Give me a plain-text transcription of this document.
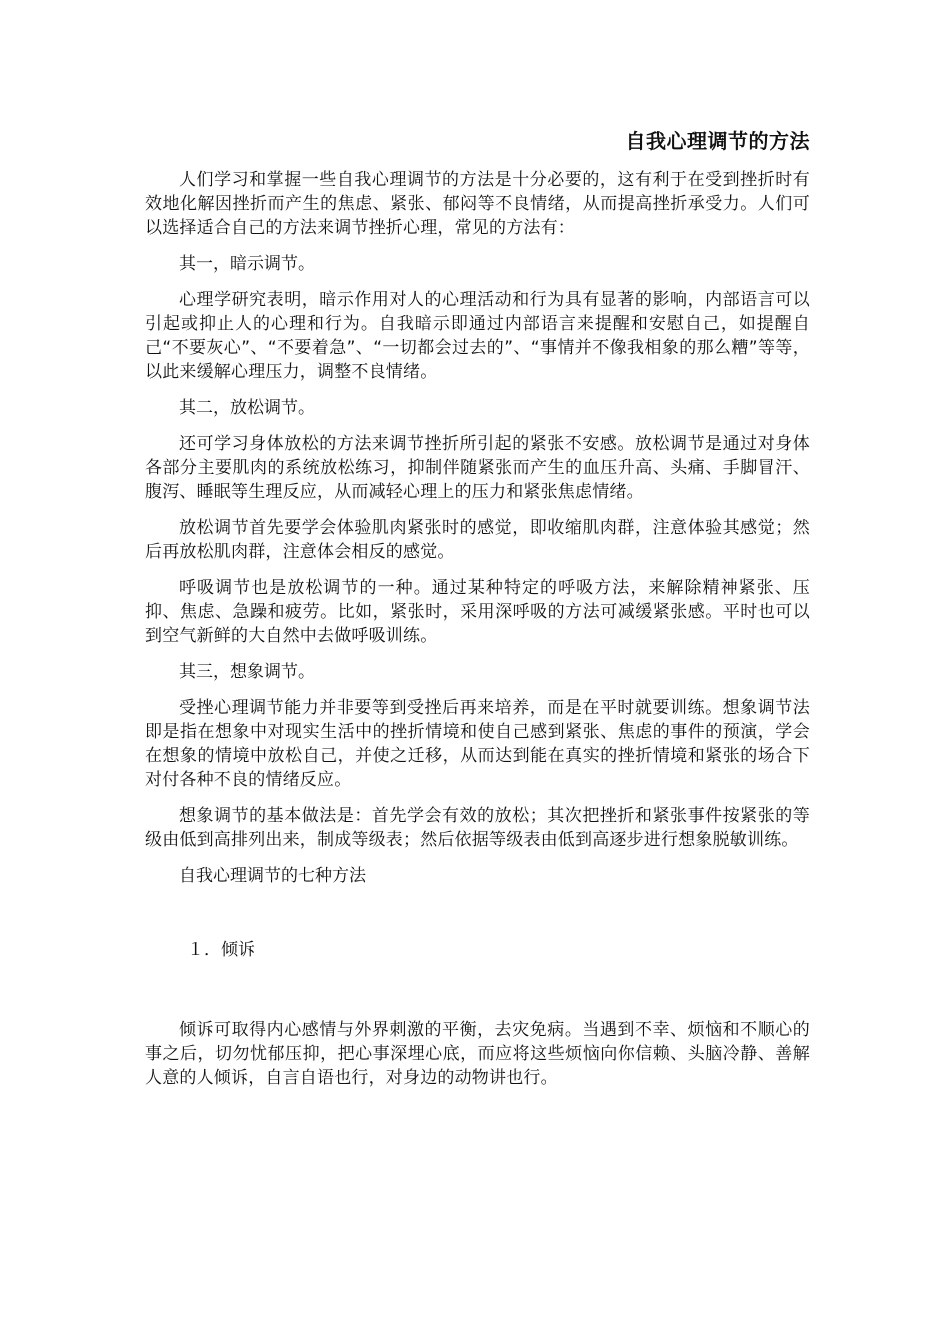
自我心理调节的方法

人们学习和掌握一些自我心理调节的方法是十分必要的，这有利于在受到挫折时有效地化解因挫折而产生的焦虑、紧张、郁闷等不良情绪，从而提高挫折承受力。人们可以选择适合自己的方法来调节挫折心理，常见的方法有：

其一，暗示调节。

心理学研究表明，暗示作用对人的心理活动和行为具有显著的影响，内部语言可以引起或抑止人的心理和行为。自我暗示即通过内部语言来提醒和安慰自己，如提醒自己“不要灰心”、“不要着急”、“一切都会过去的”、“事情并不像我相象的那么糟”等等，以此来缓解心理压力，调整不良情绪。

其二，放松调节。

还可学习身体放松的方法来调节挫折所引起的紧张不安感。放松调节是通过对身体各部分主要肌肉的系统放松练习，抑制伴随紧张而产生的血压升高、头痛、手脚冒汗、腹泻、睡眠等生理反应，从而减轻心理上的压力和紧张焦虑情绪。

放松调节首先要学会体验肌肉紧张时的感觉，即收缩肌肉群，注意体验其感觉；然后再放松肌肉群，注意体会相反的感觉。

呼吸调节也是放松调节的一种。通过某种特定的呼吸方法，来解除精神紧张、压抑、焦虑、急躁和疲劳。比如，紧张时，采用深呼吸的方法可减缓紧张感。平时也可以到空气新鲜的大自然中去做呼吸训练。

其三，想象调节。

受挫心理调节能力并非要等到受挫后再来培养，而是在平时就要训练。想象调节法即是指在想象中对现实生活中的挫折情境和使自己感到紧张、焦虑的事件的预演，学会在想象的情境中放松自己，并使之迁移，从而达到能在真实的挫折情境和紧张的场合下对付各种不良的情绪反应。

想象调节的基本做法是：首先学会有效的放松；其次把挫折和紧张事件按紧张的等级由低到高排列出来，制成等级表；然后依据等级表由低到高逐步进行想象脱敏训练。

自我心理调节的七种方法

１．倾诉

倾诉可取得内心感情与外界刺激的平衡，去灾免病。当遇到不幸、烦恼和不顺心的事之后，切勿忧郁压抑，把心事深埋心底，而应将这些烦恼向你信赖、头脑冷静、善解人意的人倾诉，自言自语也行，对身边的动物讲也行。
